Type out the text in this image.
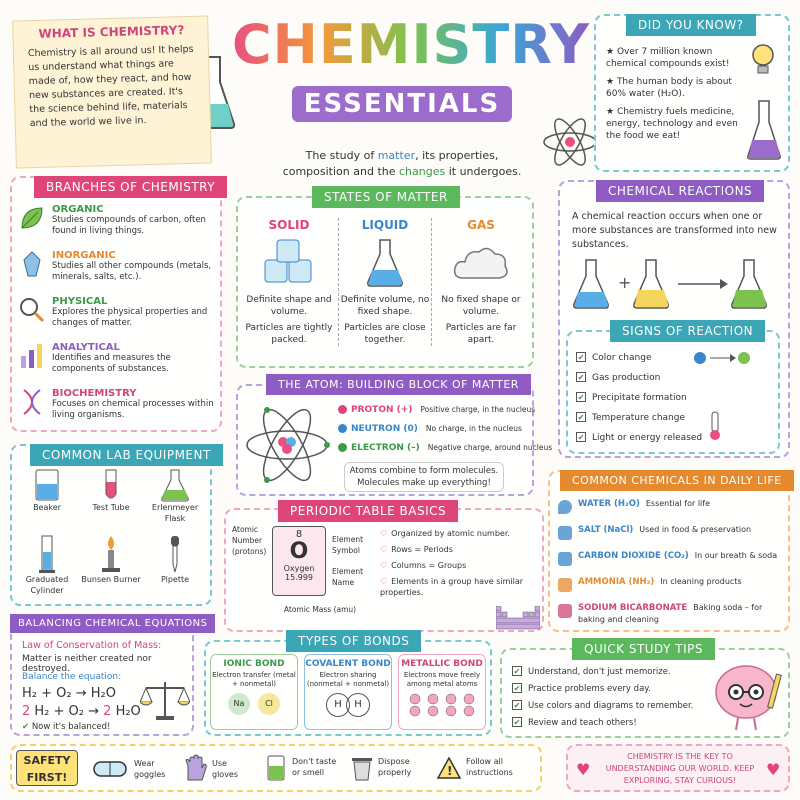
CHEMISTRY
ESSENTIALS
The study of matter, its properties,
composition and the changes it undergoes.
WHAT IS CHEMISTRY?
Chemistry is all around us! It helps us understand what things are made of, how they react, and how new substances are created. It's the science behind life, materials and the world we live in.
DID YOU KNOW?
★ Over 7 million known chemical compounds exist!
★ The human body is about 60% water (H₂O).
★ Chemistry fuels medicine, energy, technology and even the food we eat!
BRANCHES OF CHEMISTRY
ORGANIC
Studies compounds of carbon, often found in living things.
INORGANIC
Studies all other compounds (metals, minerals, salts, etc.).
PHYSICAL
Explores the physical properties and changes of matter.
ANALYTICAL
Identifies and measures the components of substances.
BIOCHEMISTRY
Focuses on chemical processes within living organisms.
STATES OF MATTER
SOLID
Definite shape and volume.
Particles are tightly packed.
LIQUID
Definite volume, no fixed shape.
Particles are close together.
GAS
No fixed shape or volume.
Particles are far apart.
CHEMICAL REACTIONS
A chemical reaction occurs when one or more substances are transformed into new substances.
+
SIGNS OF REACTION
✔ Color change
✔ Gas production
✔ Precipitate formation
✔ Temperature change
✔ Light or energy released
THE ATOM: BUILDING BLOCK OF MATTER
PROTON (+) Positive charge, in the nucleus
NEUTRON (0) No charge, in the nucleus
ELECTRON (–) Negative charge, around nucleus
Atoms combine to form molecules. Molecules make up everything!
COMMON LAB EQUIPMENT
Beaker	Test Tube	Erlenmeyer Flask
Graduated Cylinder
Bunsen Burner	Pipette
PERIODIC TABLE BASICS
Atomic Number (protons)
8
O
Oxygen
15.999
Element Symbol
Element Name
Atomic Mass (amu)
♡ Organized by atomic number.
♡ Rows = Periods
♡ Columns = Groups
♡ Elements in a group have similar properties.
COMMON CHEMICALS IN DAILY LIFE
WATER (H₂O) Essential for life
SALT (NaCl) Used in food & preservation
CARBON DIOXIDE (CO₂) In our breath & soda
AMMONIA (NH₃) In cleaning products
SODIUM BICARBONATE Baking soda – for baking and cleaning
BALANCING CHEMICAL EQUATIONS
Law of Conservation of Mass:
Matter is neither created nor destroyed.
Balance the equation:
H₂ + O₂ → H₂O
2 H₂ + O₂ → 2 H₂O
✔ Now it's balanced!
TYPES OF BONDS
IONIC BOND
Electron transfer (metal + nonmetal)
Na	Cl
COVALENT BOND
Electron sharing (nonmetal + nonmetal)
H	H
METALLIC BOND
Electrons move freely among metal atoms
QUICK STUDY TIPS
✔ Understand, don't just memorize.
✔ Practice problems every day.
✔ Use colors and diagrams to remember.
✔ Review and teach others!
SAFETY FIRST!
Wear goggles
Use gloves
Don't taste or smell
Dispose properly	!
Follow all instructions	♥
CHEMISTRY IS THE KEY TO UNDERSTANDING OUR WORLD. KEEP EXPLORING, STAY CURIOUS!
♥
